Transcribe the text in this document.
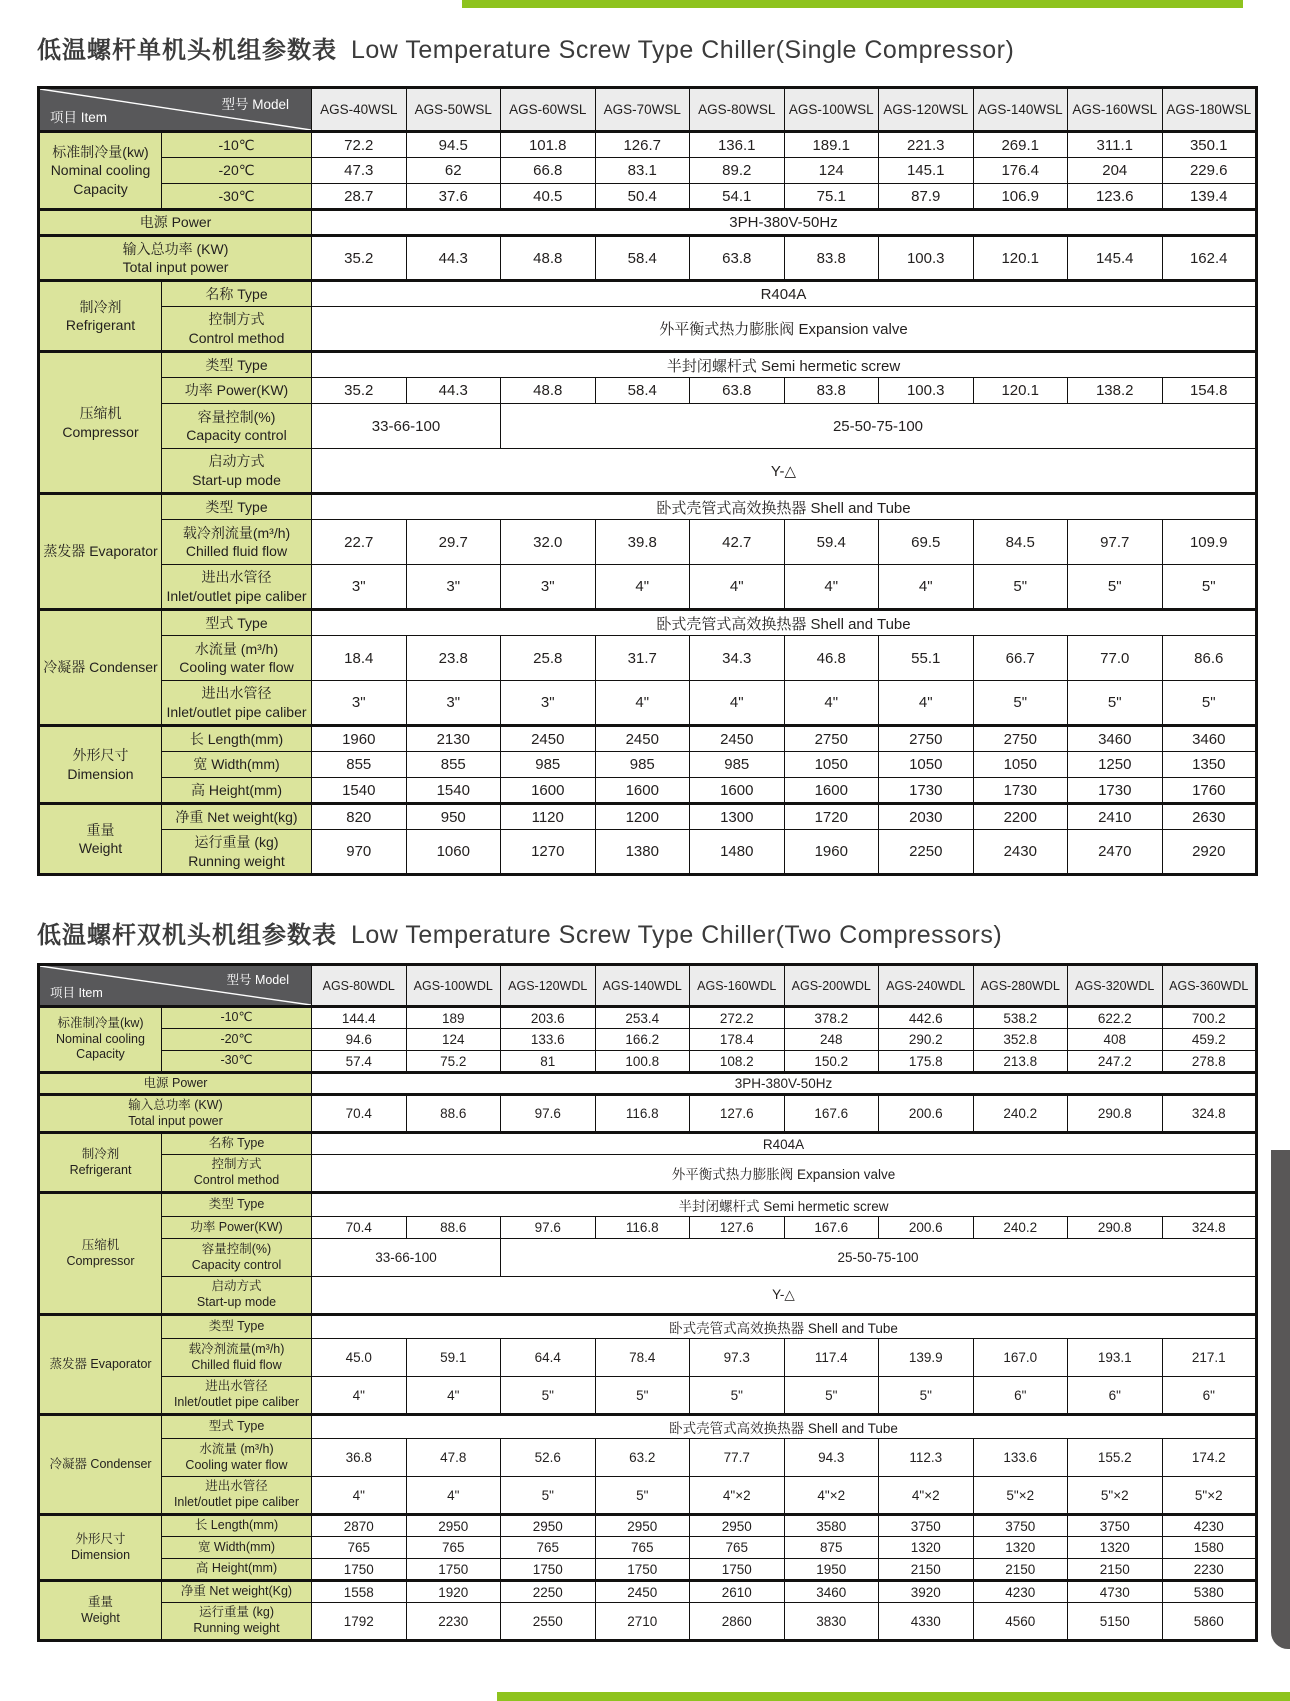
低温螺杆单机头机组参数表 Low Temperature Screw Type Chiller(Single Compressor)
型号 Model
项目 Item		AGS-40WSL	AGS-50WSL	AGS-60WSL	AGS-70WSL	AGS-80WSL	AGS-100WSL	AGS-120WSL	AGS-140WSL	AGS-160WSL	AGS-180WSL

标准制冷量(kw)
Nominal cooling
Capacity	-10℃	72.2	94.5	101.8	126.7	136.1	189.1	221.3	269.1	311.1	350.1

	-20℃	47.3	62	66.8	83.1	89.2	124	145.1	176.4	204	229.6

	-30℃	28.7	37.6	40.5	50.4	54.1	75.1	87.9	106.9	123.6	139.4

电源 Power		3PH-380V-50Hz									

输入总功率 (KW)
Total input power		35.2	44.3	48.8	58.4	63.8	83.8	100.3	120.1	145.4	162.4

制冷剂
Refrigerant	名称 Type	R404A									

	控制方式
Control method	外平衡式热力膨胀阀 Expansion valve									

压缩机
Compressor	类型 Type	半封闭螺杆式 Semi hermetic screw									

	功率 Power(KW)	35.2	44.3	48.8	58.4	63.8	83.8	100.3	120.1	138.2	154.8

	容量控制(%)
Capacity control	33-66-100		25-50-75-100							

	启动方式
Start-up mode	Y-△									

蒸发器 Evaporator	类型 Type	卧式壳管式高效换热器 Shell and Tube									

	载冷剂流量(m³/h)
Chilled fluid flow	22.7	29.7	32.0	39.8	42.7	59.4	69.5	84.5	97.7	109.9

	进出水管径
Inlet/outlet pipe caliber	3"	3"	3"	4"	4"	4"	4"	5"	5"	5"

冷凝器 Condenser	型式 Type	卧式壳管式高效换热器 Shell and Tube									

	水流量 (m³/h)
Cooling water flow	18.4	23.8	25.8	31.7	34.3	46.8	55.1	66.7	77.0	86.6

	进出水管径
Inlet/outlet pipe caliber	3"	3"	3"	4"	4"	4"	4"	5"	5"	5"

外形尺寸
Dimension	长 Length(mm)	1960	2130	2450	2450	2450	2750	2750	2750	3460	3460

	宽 Width(mm)	855	855	985	985	985	1050	1050	1050	1250	1350

	高 Height(mm)	1540	1540	1600	1600	1600	1600	1730	1730	1730	1760

重量
Weight	净重 Net weight(kg)	820	950	1120	1200	1300	1720	2030	2200	2410	2630

	运行重量 (kg)
Running weight	970	1060	1270	1380	1480	1960	2250	2430	2470	2920
低温螺杆双机头机组参数表 Low Temperature Screw Type Chiller(Two Compressors)
型号 Model
项目 Item		AGS-80WDL	AGS-100WDL	AGS-120WDL	AGS-140WDL	AGS-160WDL	AGS-200WDL	AGS-240WDL	AGS-280WDL	AGS-320WDL	AGS-360WDL

标准制冷量(kw)
Nominal cooling
Capacity	-10℃	144.4	189	203.6	253.4	272.2	378.2	442.6	538.2	622.2	700.2

	-20℃	94.6	124	133.6	166.2	178.4	248	290.2	352.8	408	459.2

	-30℃	57.4	75.2	81	100.8	108.2	150.2	175.8	213.8	247.2	278.8

电源 Power		3PH-380V-50Hz									

输入总功率 (KW)
Total input power		70.4	88.6	97.6	116.8	127.6	167.6	200.6	240.2	290.8	324.8

制冷剂
Refrigerant	名称 Type	R404A									

	控制方式
Control method	外平衡式热力膨胀阀 Expansion valve									

压缩机
Compressor	类型 Type	半封闭螺杆式 Semi hermetic screw									

	功率 Power(KW)	70.4	88.6	97.6	116.8	127.6	167.6	200.6	240.2	290.8	324.8

	容量控制(%)
Capacity control	33-66-100		25-50-75-100							

	启动方式
Start-up mode	Y-△									

蒸发器 Evaporator	类型 Type	卧式壳管式高效换热器 Shell and Tube									

	载冷剂流量(m³/h)
Chilled fluid flow	45.0	59.1	64.4	78.4	97.3	117.4	139.9	167.0	193.1	217.1

	进出水管径
Inlet/outlet pipe caliber	4"	4"	5"	5"	5"	5"	5"	6"	6"	6"

冷凝器 Condenser	型式 Type	卧式壳管式高效换热器 Shell and Tube									

	水流量 (m³/h)
Cooling water flow	36.8	47.8	52.6	63.2	77.7	94.3	112.3	133.6	155.2	174.2

	进出水管径
Inlet/outlet pipe caliber	4"	4"	5"	5"	4"×2	4"×2	4"×2	5"×2	5"×2	5"×2

外形尺寸
Dimension	长 Length(mm)	2870	2950	2950	2950	2950	3580	3750	3750	3750	4230

	宽 Width(mm)	765	765	765	765	765	875	1320	1320	1320	1580

	高 Height(mm)	1750	1750	1750	1750	1750	1950	2150	2150	2150	2230

重量
Weight	净重 Net weight(Kg)	1558	1920	2250	2450	2610	3460	3920	4230	4730	5380

	运行重量 (kg)
Running weight	1792	2230	2550	2710	2860	3830	4330	4560	5150	5860
